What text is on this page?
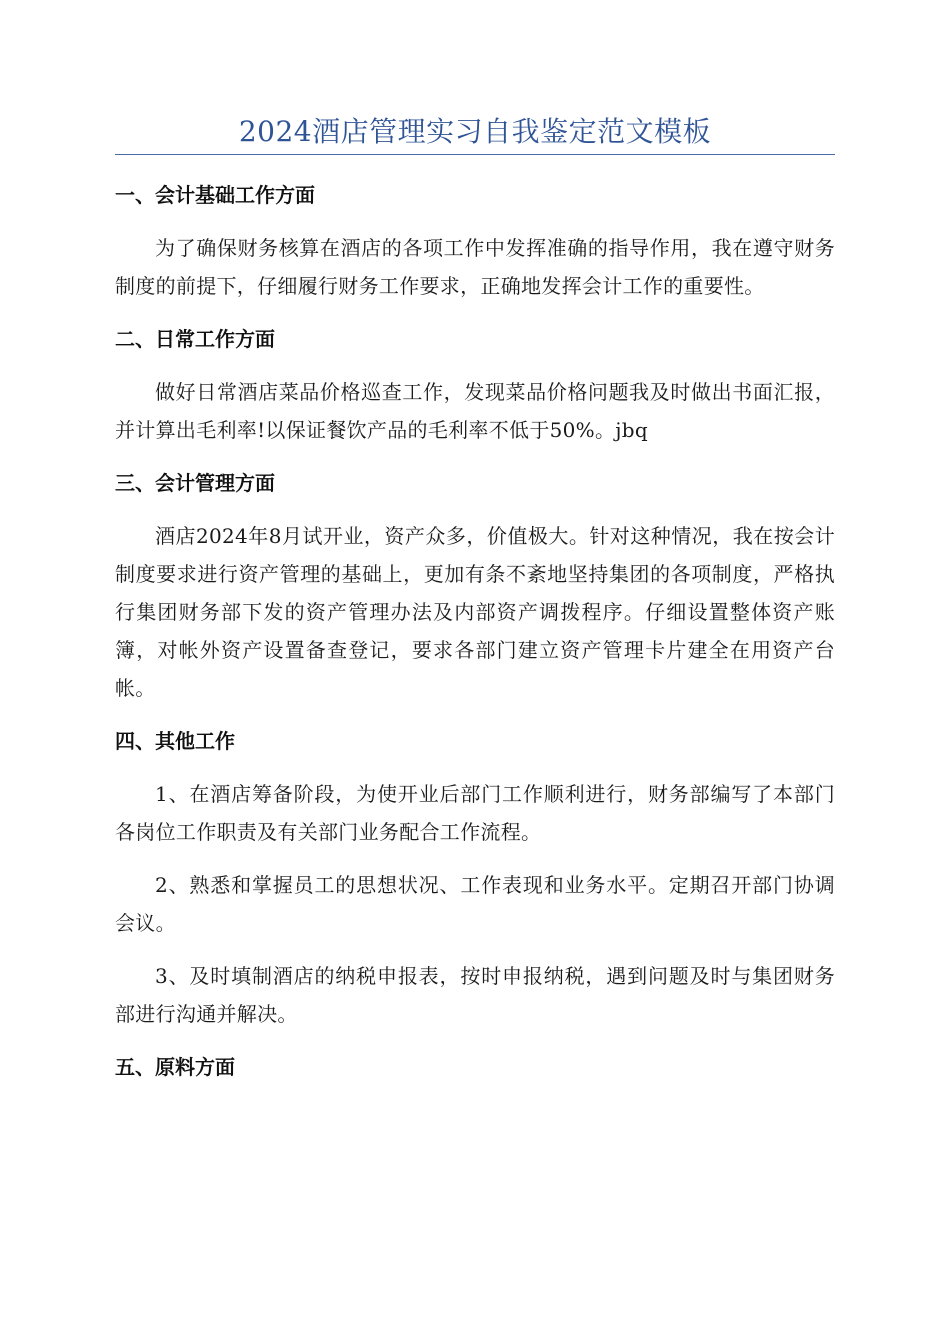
2024酒店管理实习自我鉴定范文模板
一、会计基础工作方面

为了确保财务核算在酒店的各项工作中发挥准确的指导作用，我在遵守财务制度的前提下，仔细履行财务工作要求，正确地发挥会计工作的重要性。

二、日常工作方面

做好日常酒店菜品价格巡查工作，发现菜品价格问题我及时做出书面汇报，并计算出毛利率!以保证餐饮产品的毛利率不低于50%。jbq

三、会计管理方面

酒店2024年8月试开业，资产众多，价值极大。针对这种情况，我在按会计制度要求进行资产管理的基础上，更加有条不紊地坚持集团的各项制度，严格执行集团财务部下发的资产管理办法及内部资产调拨程序。仔细设置整体资产账簿，对帐外资产设置备查登记，要求各部门建立资产管理卡片建全在用资产台帐。

四、其他工作

1、在酒店筹备阶段，为使开业后部门工作顺利进行，财务部编写了本部门各岗位工作职责及有关部门业务配合工作流程。

2、熟悉和掌握员工的思想状况、工作表现和业务水平。定期召开部门协调会议。

3、及时填制酒店的纳税申报表，按时申报纳税，遇到问题及时与集团财务部进行沟通并解决。

五、原料方面
